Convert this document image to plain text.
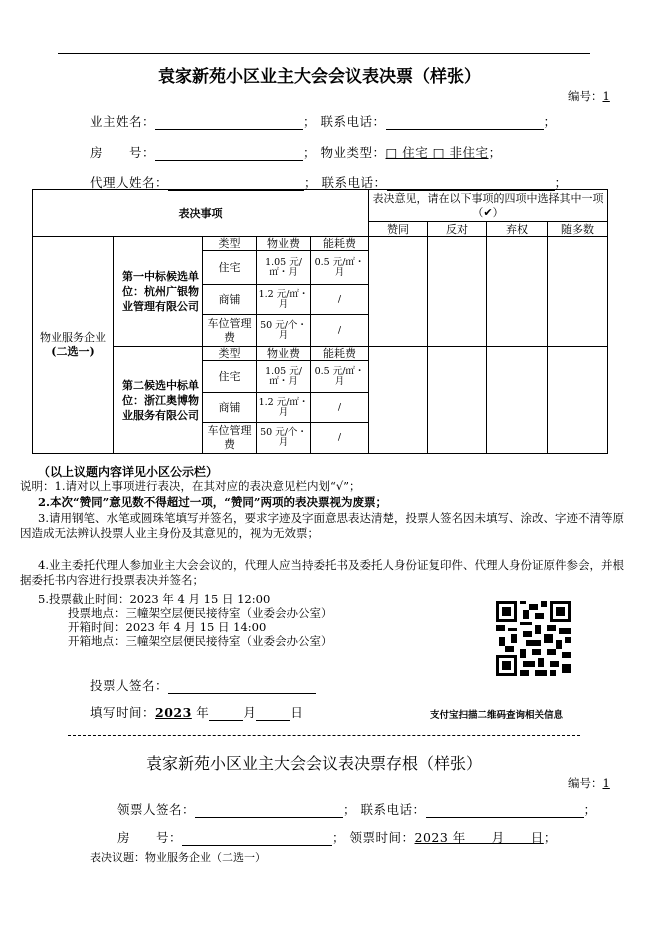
袁家新苑小区业主大会会议表决票（样张）
编号：1
业主姓名：	； 联系电话：	；
房　　号：	； 物业类型：□ 住宅 □ 非住宅；
代理人姓名：	； 联系电话：	；
表决事项					表决意见，请在以下事项的四项中选择其中一项（✔）			
					赞同	反对	弃权	随多数
物业服务企业
(二选一)	第一中标候选单位：杭州广银物业管理有限公司	类型	物业费	能耗费				
		住宅	1.05 元/㎡・月	0.5 元/㎡・月				
		商铺	1.2 元/㎡・月	/				
		车位管理费	50 元/个・月	/				
	第二候选中标单位：浙江奥博物业服务有限公司	类型	物业费	能耗费				
		住宅	1.05 元/㎡・月	0.5 元/㎡・月				
		商铺	1.2 元/㎡・月	/				
		车位管理费	50 元/个・月	/				
（以上议题内容详见小区公示栏）
说明：1.请对以上事项进行表决，在其对应的表决意见栏内划“√”；
2.本次“赞同”意见数不得超过一项，“赞同”两项的表决票视为废票；
3.请用钢笔、水笔或圆珠笔填写并签名，要求字迹及字面意思表达清楚，投票人签名因未填写、涂改、字迹不清等原因造成无法辨认投票人业主身份及其意见的，视为无效票；
4.业主委托代理人参加业主大会会议的，代理人应当持委托书及委托人身份证复印件、代理人身份证原件参会，并根据委托书内容进行投票表决并签名；
5.投票截止时间：2023 年 4 月 15 日 12:00
投票地点：三幢架空层便民接待室（业委会办公室）
开箱时间：2023 年 4 月 15 日 14:00
开箱地点：三幢架空层便民接待室（业委会办公室）
投票人签名：
填写时间：2023 年	月	日	支付宝扫描二维码查询相关信息
袁家新苑小区业主大会会议表决票存根（样张）
编号：1
领票人签名：	； 联系电话：	；
房　　号：	； 领票时间：2023 年　　月　　日；
表决议题：物业服务企业（二选一）
